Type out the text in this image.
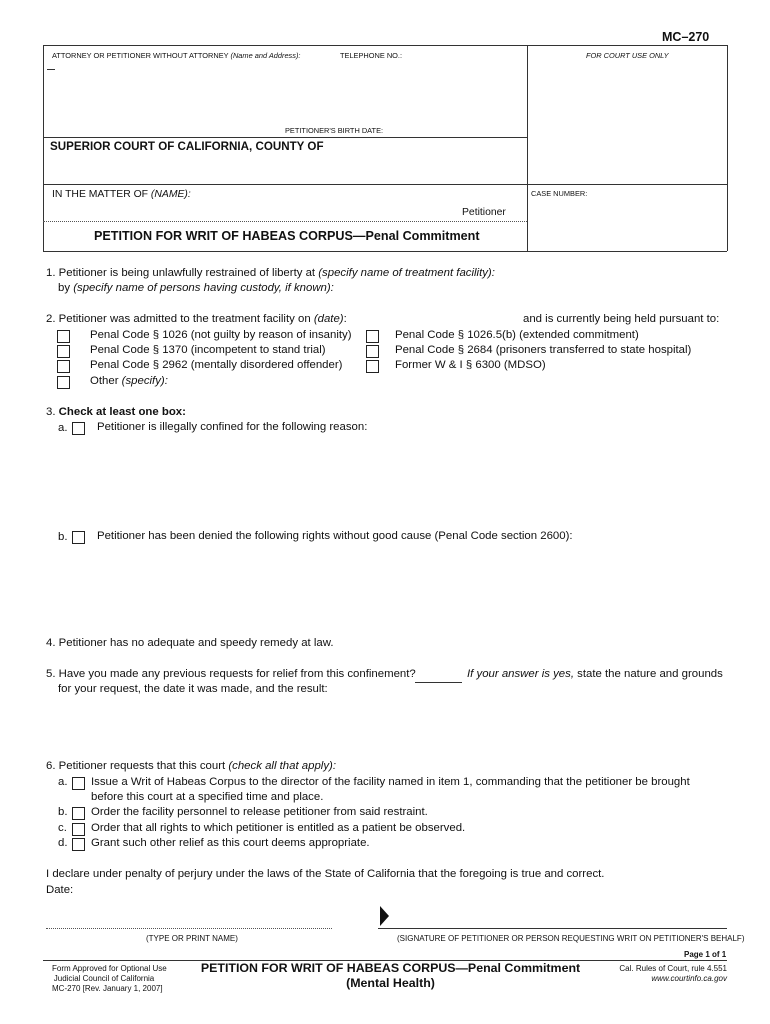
MC–270
ATTORNEY OR PETITIONER WITHOUT ATTORNEY (Name and Address):	TELEPHONE NO.:	FOR COURT USE ONLY
PETITIONER'S BIRTH DATE:
SUPERIOR COURT OF CALIFORNIA, COUNTY OF
IN THE MATTER OF (NAME):	CASE NUMBER:
Petitioner
PETITION FOR WRIT OF HABEAS CORPUS—Penal Commitment
1. Petitioner is being unlawfully restrained of liberty at (specify name of treatment facility):
by (specify name of persons having custody, if known):
2. Petitioner was admitted to the treatment facility on (date):	and is currently being held pursuant to:
Penal Code § 1026 (not guilty by reason of insanity)
Penal Code § 1370 (incompetent to stand trial)
Penal Code § 2962 (mentally disordered offender)
Other (specify):
Penal Code § 1026.5(b) (extended commitment)
Penal Code § 2684 (prisoners transferred to state hospital)
Former W & I § 6300 (MDSO)
3. Check at least one box:
a.	Petitioner is illegally confined for the following reason:
b.	Petitioner has been denied the following rights without good cause (Penal Code section 2600):
4. Petitioner has no adequate and speedy remedy at law.
5. Have you made any previous requests for relief from this confinement?	If your answer is yes, state the nature and grounds
for your request, the date it was made, and the result:
6. Petitioner requests that this court (check all that apply):
a. Issue a Writ of Habeas Corpus to the director of the facility named in item 1, commanding that the petitioner be brought
before this court at a specified time and place.
b. Order the facility personnel to release petitioner from said restraint.
c. Order that all rights to which petitioner is entitled as a patient be observed.
d. Grant such other relief as this court deems appropriate.
I declare under penalty of perjury under the laws of the State of California that the foregoing is true and correct.
Date:
(TYPE OR PRINT NAME)	(SIGNATURE OF PETITIONER OR PERSON REQUESTING WRIT ON PETITIONER'S BEHALF)
Page 1 of 1
Form Approved for Optional Use
Judicial Council of California
MC-270 [Rev. January 1, 2007]
PETITION FOR WRIT OF HABEAS CORPUS—Penal Commitment
(Mental Health)
Cal. Rules of Court, rule 4.551
www.courtinfo.ca.gov
